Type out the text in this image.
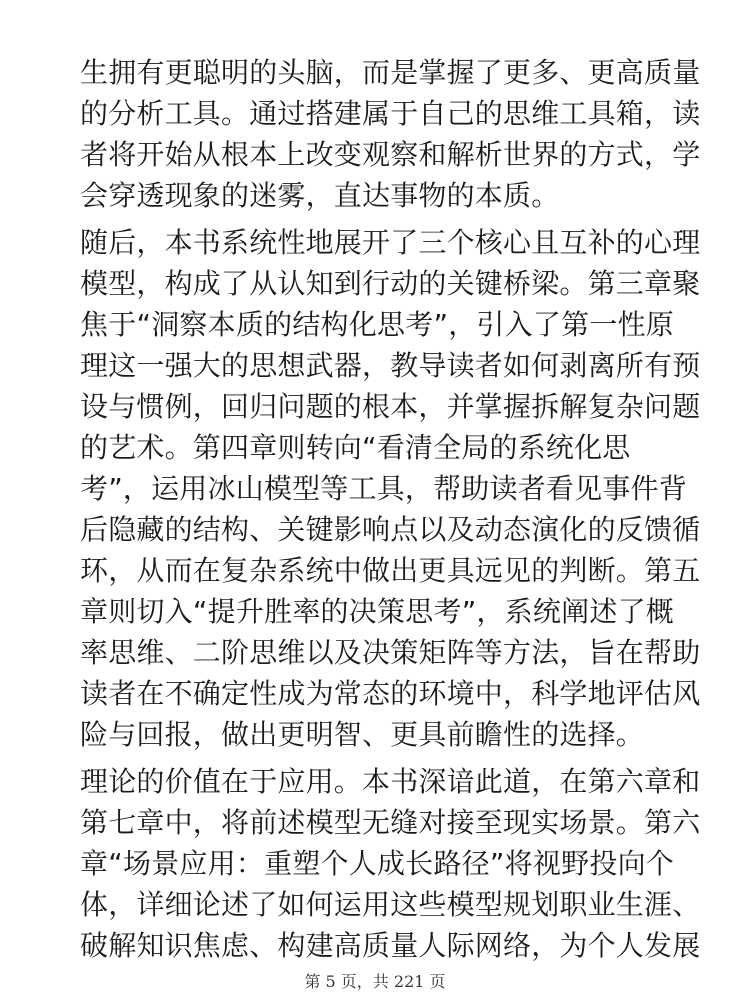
生拥有更聪明的头脑，而是掌握了更多、更高质量
的分析工具。通过搭建属于自己的思维工具箱，读
者将开始从根本上改变观察和解析世界的方式，学
会穿透现象的迷雾，直达事物的本质。
随后，本书系统性地展开了三个核心且互补的心理
模型，构成了从认知到行动的关键桥梁。第三章聚
焦于“洞察本质的结构化思考”，引入了第一性原
理这一强大的思想武器，教导读者如何剥离所有预
设与惯例，回归问题的根本，并掌握拆解复杂问题
的艺术。第四章则转向“看清全局的系统化思
考”，运用冰山模型等工具，帮助读者看见事件背
后隐藏的结构、关键影响点以及动态演化的反馈循
环，从而在复杂系统中做出更具远见的判断。第五
章则切入“提升胜率的决策思考”，系统阐述了概
率思维、二阶思维以及决策矩阵等方法，旨在帮助
读者在不确定性成为常态的环境中，科学地评估风
险与回报，做出更明智、更具前瞻性的选择。
理论的价值在于应用。本书深谙此道，在第六章和
第七章中，将前述模型无缝对接至现实场景。第六
章“场景应用：重塑个人成长路径”将视野投向个
体，详细论述了如何运用这些模型规划职业生涯、
破解知识焦虑、构建高质量人际网络，为个人发展
第 5 页，共 221 页
